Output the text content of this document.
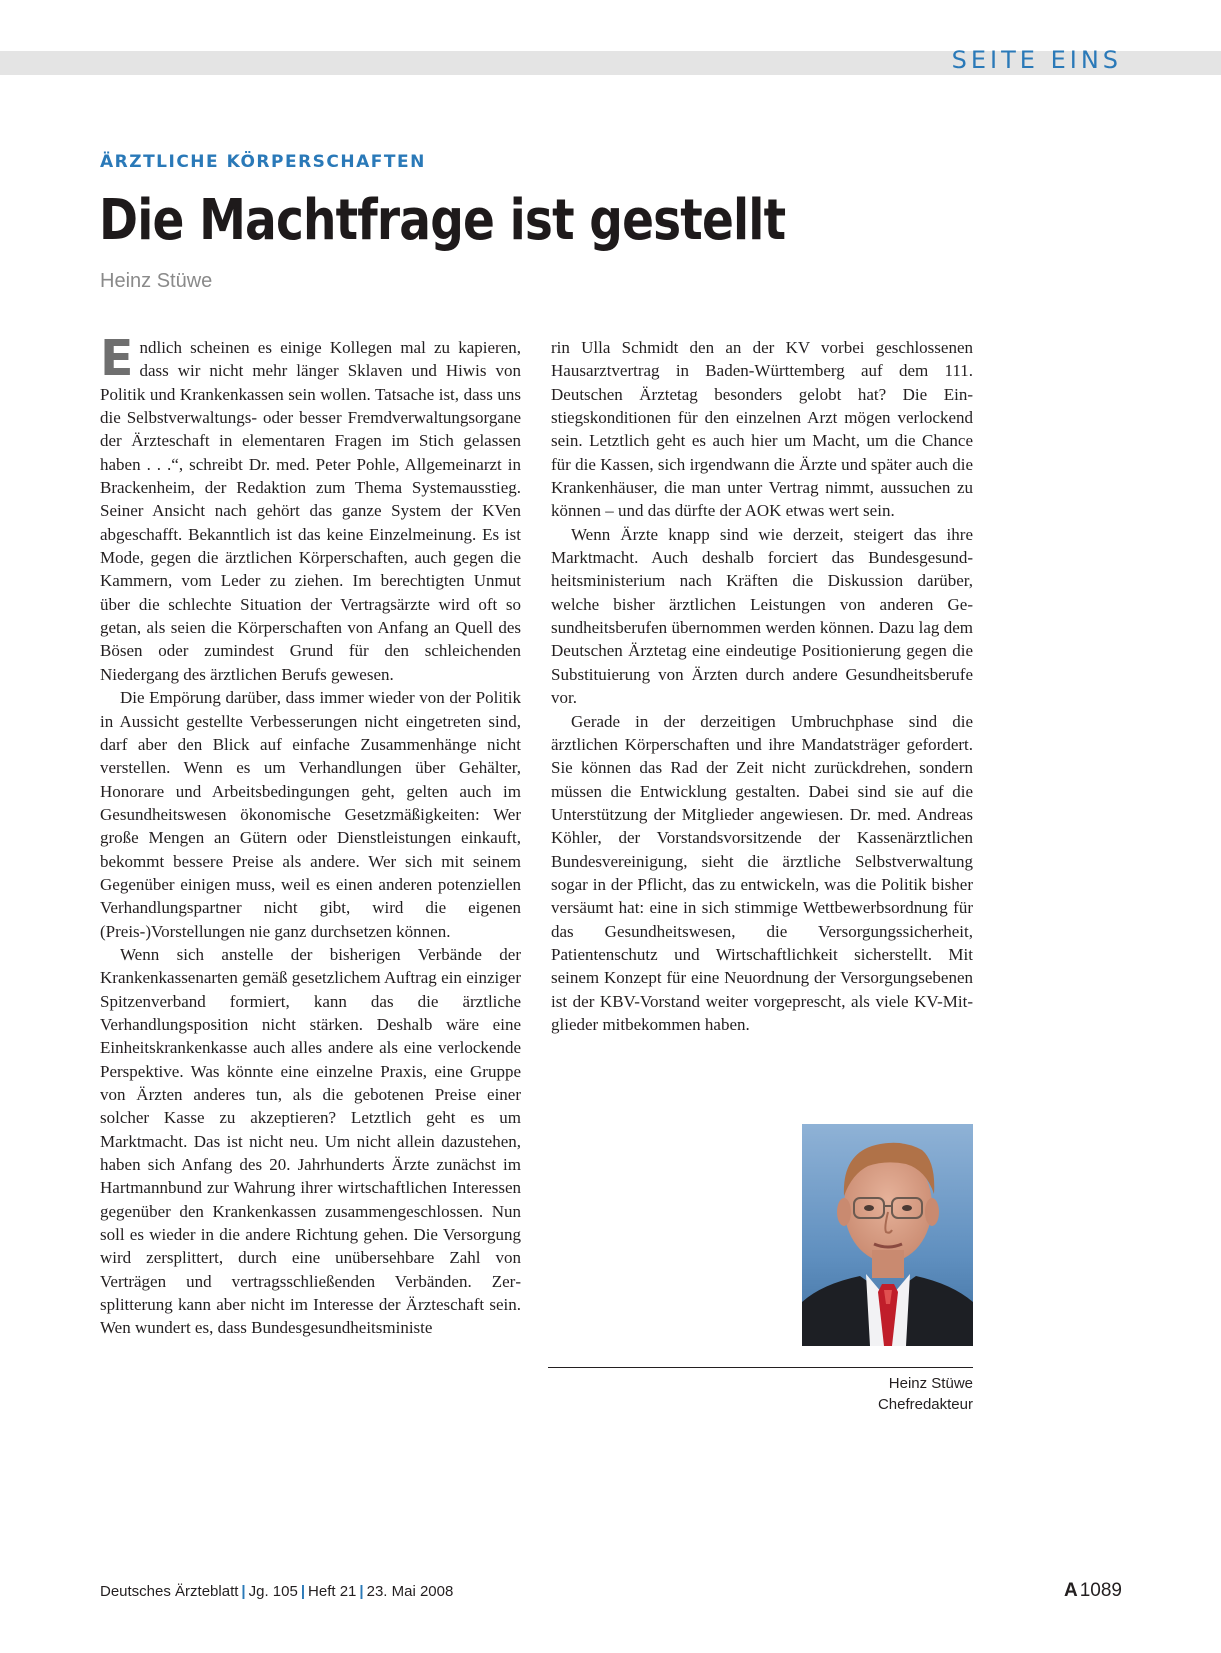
SEITE EINS
ÄRZTLICHE KÖRPERSCHAFTEN
Die Machtfrage ist gestellt
Heinz Stüwe

Endlich scheinen es einige Kollegen mal zu kapieren, dass wir nicht mehr länger Sklaven und Hiwis von Politik und Krankenkassen sein wollen. Tatsache ist, dass uns die Selbstverwaltungs- oder besser Fremdverwaltungsorgane der Ärzteschaft in elementaren Fragen im Stich gelassen haben . . .“, schreibt Dr. med. Peter Pohle, Allgemeinarzt in Brackenheim, der Redaktion zum Thema Systemausstieg. Seiner Ansicht nach gehört das ganze System der KVen abgeschafft. Bekanntlich ist das keine Einzelmeinung. Es ist Mode, gegen die ärztlichen Körperschaften, auch gegen die Kammern, vom Leder zu ziehen. Im berechtigten Unmut über die schlechte Situation der Vertragsärzte wird oft so getan, als seien die Körperschaften von Anfang an Quell des Bösen oder zumindest Grund für den schleichenden Niedergang des ärztlichen Berufs gewesen.

Die Empörung darüber, dass immer wieder von der Politik in Aussicht gestellte Verbesserungen nicht eingetreten sind, darf aber den Blick auf einfache Zusammenhänge nicht verstellen. Wenn es um Verhandlungen über Gehälter, Honorare und Arbeitsbedingungen geht, gelten auch im Gesundheitswesen ökonomische Gesetzmäßigkeiten: Wer große Mengen an Gütern oder Dienstleistungen einkauft, bekommt bessere Preise als andere. Wer sich mit seinem Gegenüber einigen muss, weil es einen anderen potenziellen Verhandlungspartner nicht gibt, wird die eigenen (Preis-)Vorstellungen nie ganz durchsetzen können.

Wenn sich anstelle der bisherigen Verbände der Krankenkassenarten gemäß gesetzlichem Auftrag ein einziger Spitzenverband formiert, kann das die ärztliche Verhandlungsposition nicht stärken. Deshalb wäre eine Einheitskrankenkasse auch alles andere als eine verlockende Perspektive. Was könnte eine einzelne Praxis, eine Gruppe von Ärzten anderes tun, als die gebotenen Preise einer solcher Kasse zu akzeptieren? Letztlich geht es um Marktmacht. Das ist nicht neu. Um nicht allein dazustehen, haben sich Anfang des 20. Jahrhunderts Ärzte zunächst im Hartmannbund zur Wahrung ihrer wirtschaftlichen Interessen gegenüber den Krankenkassen zusammengeschlossen. Nun soll es wieder in die andere Richtung gehen. Die Versorgung wird zersplittert, durch eine unübersehbare Zahl von Verträgen und vertragsschließenden Verbänden. Zersplitterung kann aber nicht im Interesse der Ärzteschaft sein. Wen wundert es, dass Bundesgesundheitsministe

rin Ulla Schmidt den an der KV vorbei geschlossenen Hausarztvertrag in Baden-Württemberg auf dem 111. Deutschen Ärztetag besonders gelobt hat? Die Einstiegskonditionen für den einzelnen Arzt mögen verlockend sein. Letztlich geht es auch hier um Macht, um die Chance für die Kassen, sich irgendwann die Ärzte und später auch die Krankenhäuser, die man unter Vertrag nimmt, aussuchen zu können – und das dürfte der AOK etwas wert sein.

Wenn Ärzte knapp sind wie derzeit, steigert das ihre Marktmacht. Auch deshalb forciert das Bundesgesundheitsministerium nach Kräften die Diskussion darüber, welche bisher ärztlichen Leistungen von anderen Gesundheitsberufen übernommen werden können. Dazu lag dem Deutschen Ärztetag eine eindeutige Positionierung gegen die Substituierung von Ärzten durch andere Gesundheitsberufe vor.

Gerade in der derzeitigen Umbruchphase sind die ärztlichen Körperschaften und ihre Mandatsträger gefordert. Sie können das Rad der Zeit nicht zurückdrehen, sondern müssen die Entwicklung gestalten. Dabei sind sie auf die Unterstützung der Mitglieder angewiesen. Dr. med. Andreas Köhler, der Vorstandsvorsitzende der Kassenärztlichen Bundesvereinigung, sieht die ärztliche Selbstverwaltung sogar in der Pflicht, das zu entwickeln, was die Politik bisher versäumt hat: eine in sich stimmige Wettbewerbsordnung für das Gesundheitswesen, die Versorgungssicherheit, Patientenschutz und Wirtschaftlichkeit sicherstellt. Mit seinem Konzept für eine Neuordnung der Versorgungsebenen ist der KBV-Vorstand weiter vorgeprescht, als viele KV-Mitglieder mitbekommen haben.

Heinz Stüwe
Chefredakteur
Deutsches Ärzteblatt | Jg. 105 | Heft 21 | 23. Mai 2008	A 1089
